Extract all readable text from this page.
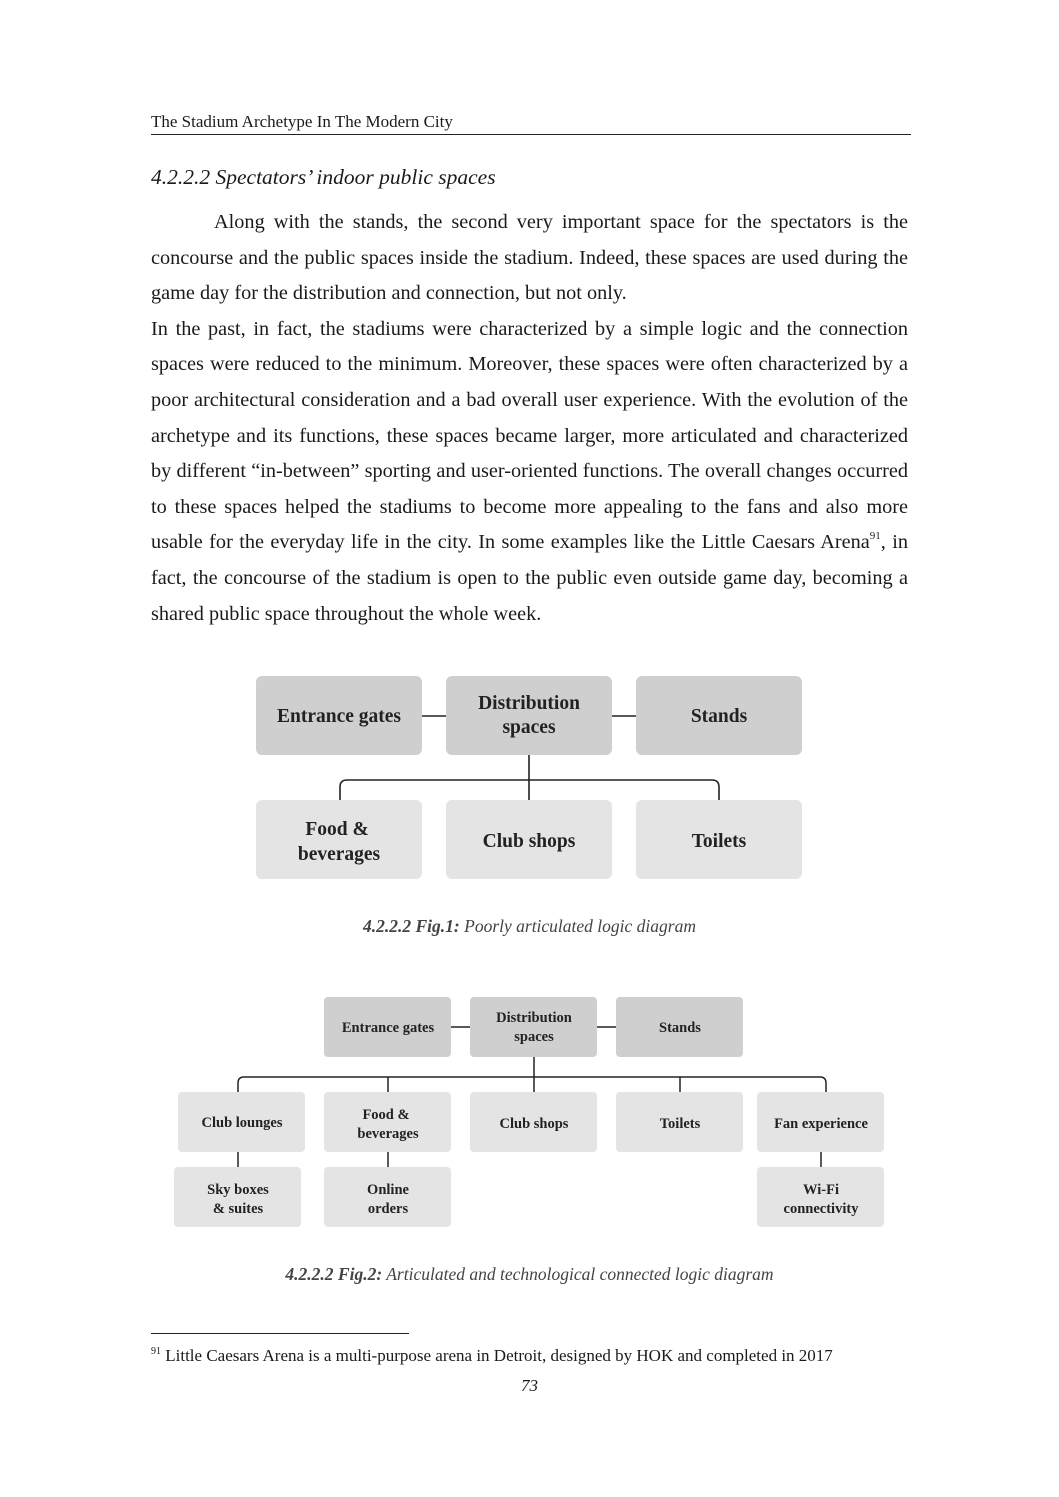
The Stadium Archetype In The Modern City
4.2.2.2 Spectators’ indoor public spaces

Along with the stands, the second very important space for the spectators is the concourse and the public spaces inside the stadium. Indeed, these spaces are used during the game day for the distribution and connection, but not only.

In the past, in fact, the stadiums were characterized by a simple logic and the connection spaces were reduced to the minimum. Moreover, these spaces were often characterized by a poor architectural consideration and a bad overall user experience. With the evolution of the archetype and its functions, these spaces became larger, more articulated and characterized by different “in-between” sporting and user-oriented functions. The overall changes occurred to these spaces helped the stadiums to become more appealing to the fans and also more usable for the everyday life in the city. In some examples like the Little Caesars Arena$^{91}$, in fact, the concourse of the stadium is open to the public even outside game day, becoming a shared public space throughout the whole week.

Entrance gates
Distribution
spaces
Stands
Food &
beverages
Club shops	Toilets
4.2.2.2 Fig.1: Poorly articulated logic diagram
Entrance gates
Distribution
spaces
Stands
Club lounges	Food &
beverages
Club shops	Toilets	Fan experience
Sky boxes
& suites
Online
orders
Wi-Fi
connectivity
4.2.2.2 Fig.2: Articulated and technological connected logic diagram
$^{91}$ Little Caesars Arena is a multi-purpose arena in Detroit, designed by HOK and completed in 2017
73
